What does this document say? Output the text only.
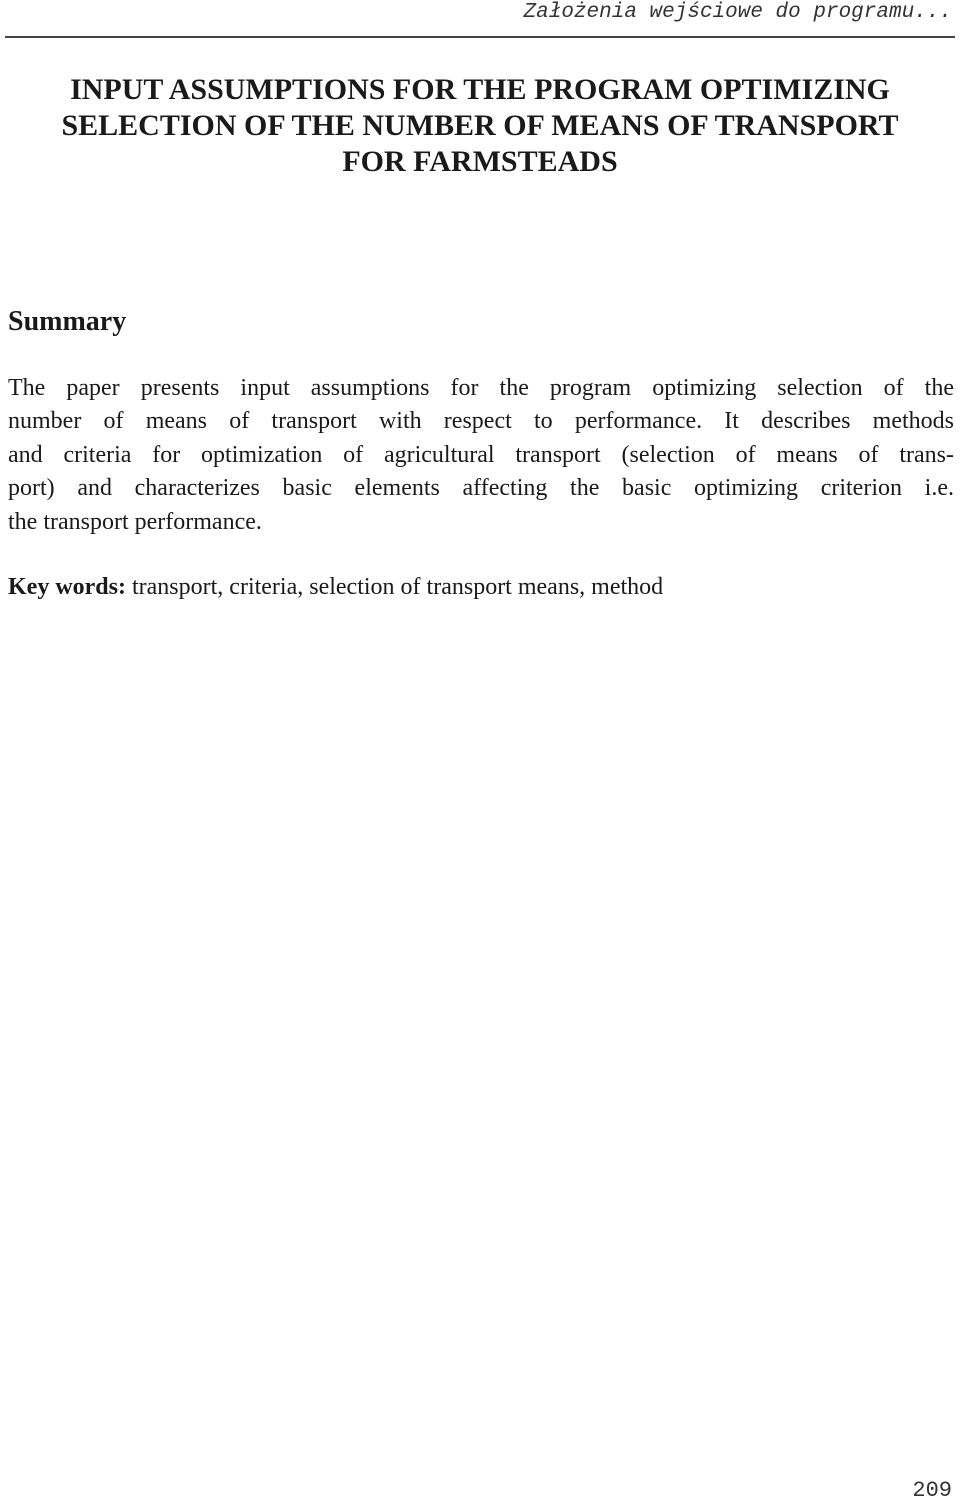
Założenia wejściowe do programu...
INPUT ASSUMPTIONS FOR THE PROGRAM OPTIMIZING
SELECTION OF THE NUMBER OF MEANS OF TRANSPORT
FOR FARMSTEADS
Summary
The paper presents input assumptions for the program optimizing selection of the
number of means of transport with respect to performance. It describes methods
and criteria for optimization of agricultural transport (selection of means of trans-
port) and characterizes basic elements affecting the basic optimizing criterion i.e.
the transport performance.
Key words: transport, criteria, selection of transport means, method
209
